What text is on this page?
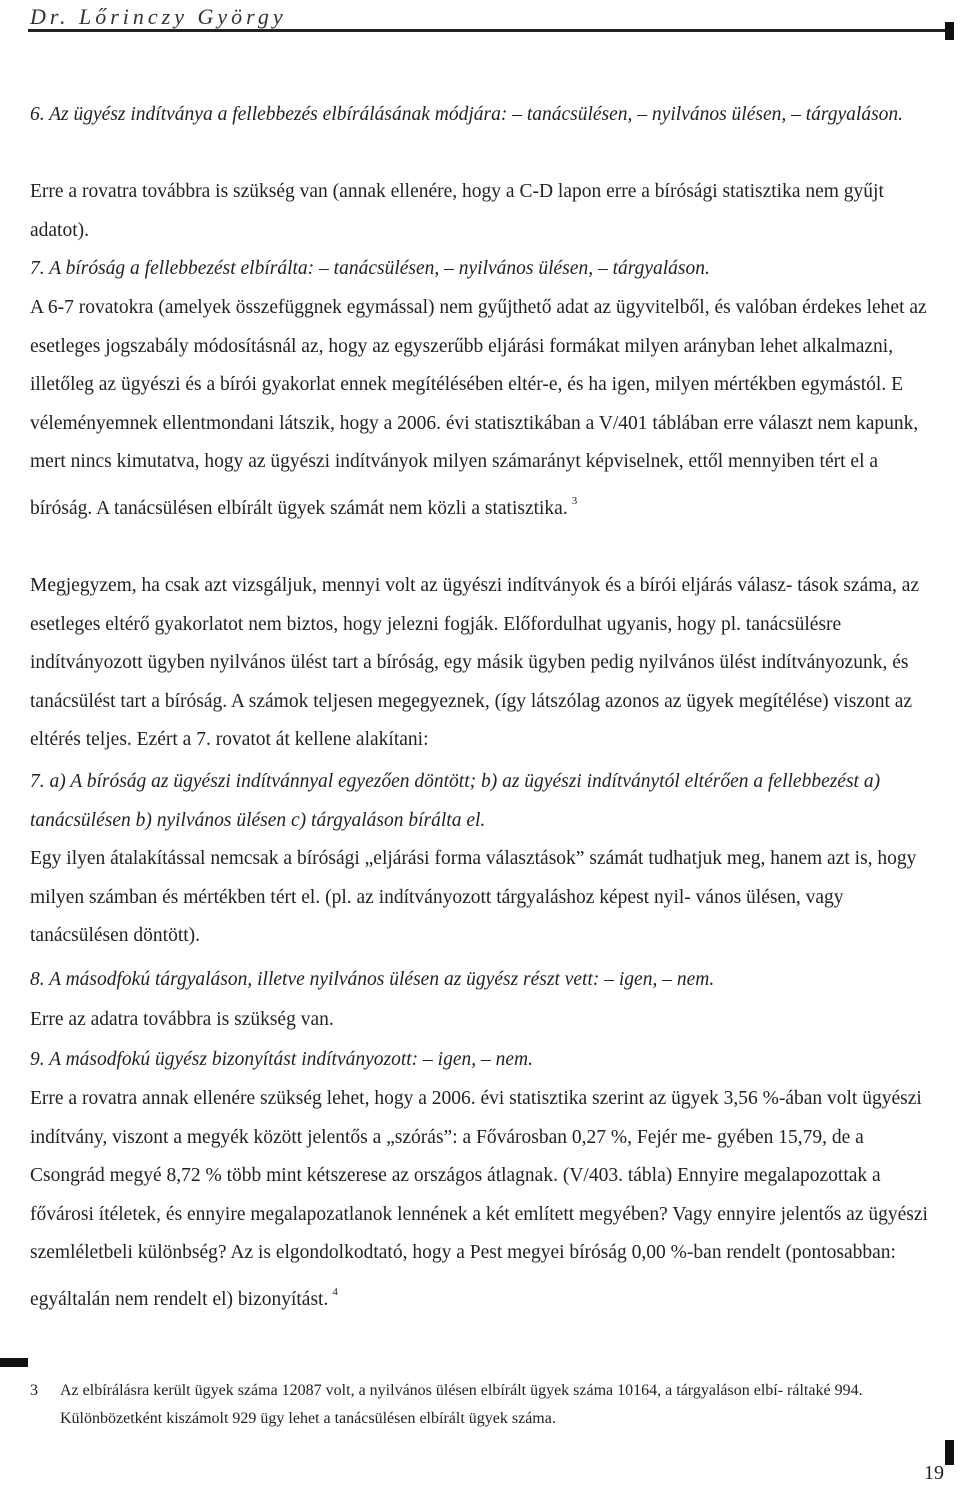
Dr. Lőrinczy György

6. Az ügyész indítványa a fellebbezés elbírálásának módjára: – tanácsülésen, – nyilvános ülésen, – tárgyaláson.

Erre a rovatra továbbra is szükség van (annak ellenére, hogy a C-D lapon erre a bírósági statisztika nem gyűjt adatot).

7. A bíróság a fellebbezést elbírálta: – tanácsülésen, – nyilvános ülésen, – tárgyaláson.

A 6-7 rovatokra (amelyek összefüggnek egymással) nem gyűjthető adat az ügyvitelből, és valóban érdekes lehet az esetleges jogszabály módosításnál az, hogy az egyszerűbb eljárási formákat milyen arányban lehet alkalmazni, illetőleg az ügyészi és a bírói gyakorlat ennek megítélésében eltér-e, és ha igen, milyen mértékben egymástól. E véleményemnek ellentmondani látszik, hogy a 2006. évi statisztikában a V/401 táblában erre választ nem kapunk, mert nincs kimutatva, hogy az ügyészi indítványok milyen számarányt képviselnek, ettől mennyiben tért el a bíróság. A tanácsülésen elbírált ügyek számát nem közli a statisztika. $^3$

Megjegyzem, ha csak azt vizsgáljuk, mennyi volt az ügyészi indítványok és a bírói eljárás válasz- tások száma, az esetleges eltérő gyakorlatot nem biztos, hogy jelezni fogják. Előfordulhat ugyanis, hogy pl. tanácsülésre indítványozott ügyben nyilvános ülést tart a bíróság, egy másik ügyben pedig nyilvános ülést indítványozunk, és tanácsülést tart a bíróság. A számok teljesen megegyeznek, (így látszólag azonos az ügyek megítélése) viszont az eltérés teljes. Ezért a 7. rovatot át kellene alakítani:

7. a) A bíróság az ügyészi indítvánnyal egyezően döntött; b) az ügyészi indítványtól eltérően a fellebbezést a) tanácsülésen b) nyilvános ülésen c) tárgyaláson bírálta el.

Egy ilyen átalakítással nemcsak a bírósági „eljárási forma választások” számát tudhatjuk meg, hanem azt is, hogy milyen számban és mértékben tért el. (pl. az indítványozott tárgyaláshoz képest nyil- vános ülésen, vagy tanácsülésen döntött).

8. A másodfokú tárgyaláson, illetve nyilvános ülésen az ügyész részt vett: – igen, – nem.

Erre az adatra továbbra is szükség van.

9. A másodfokú ügyész bizonyítást indítványozott: – igen, – nem.

Erre a rovatra annak ellenére szükség lehet, hogy a 2006. évi statisztika szerint az ügyek 3,56 %-ában volt ügyészi indítvány, viszont a megyék között jelentős a „szórás”: a Fővárosban 0,27 %, Fejér me- gyében 15,79, de a Csongrád megyé 8,72 % több mint kétszerese az országos átlagnak. (V/403. tábla) Ennyire megalapozottak a fővárosi ítéletek, és ennyire megalapozatlanok lennének a két említett megyében? Vagy ennyire jelentős az ügyészi szemléletbeli különbség? Az is elgondolkodtató, hogy a Pest megyei bíróság 0,00 %-ban rendelt (pontosabban: egyáltalán nem rendelt el) bizonyítást. $^4$

3 Az elbírálásra került ügyek száma 12087 volt, a nyilvános ülésen elbírált ügyek száma 10164, a tárgyaláson elbí- ráltaké 994. Különbözetként kiszámolt 929 ügy lehet a tanácsülésen elbírált ügyek száma.

19
